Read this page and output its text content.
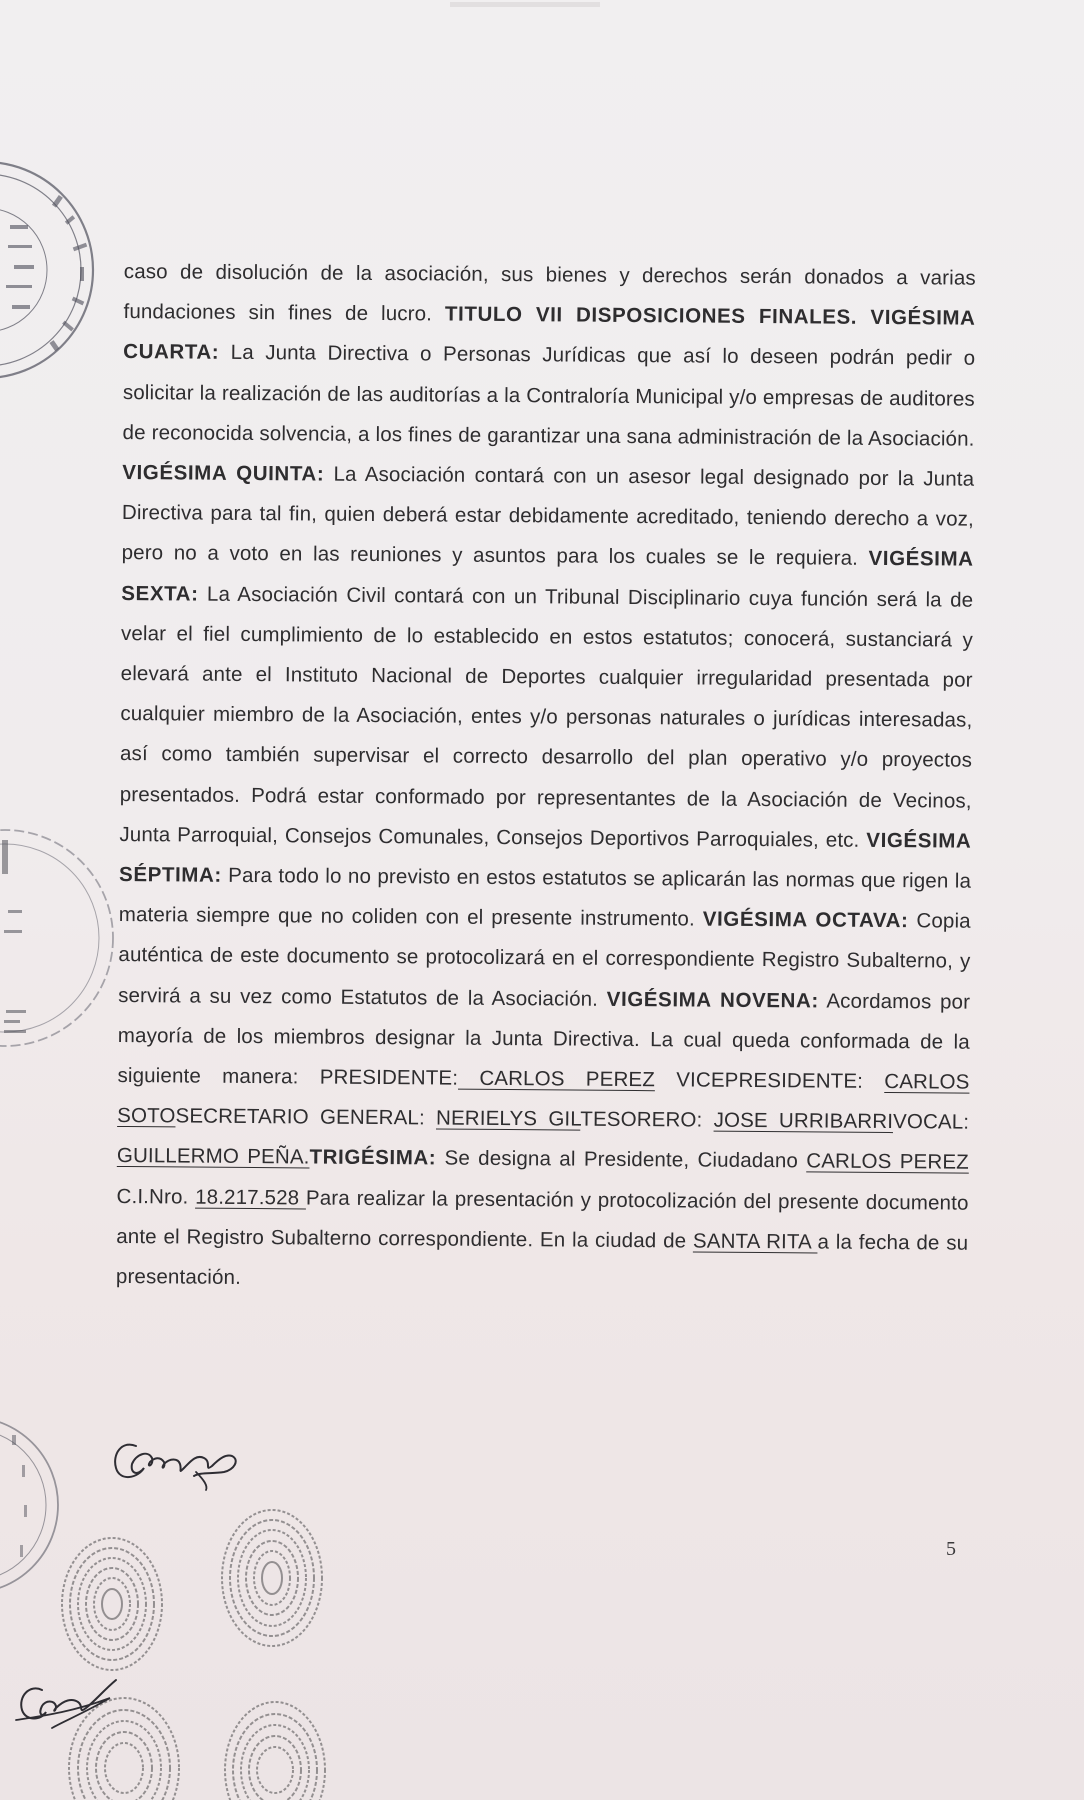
caso de disolución de la asociación, sus bienes y derechos serán donados a varias fundaciones sin fines de lucro. TITULO VII DISPOSICIONES FINALES. VIGÉSIMA CUARTA: La Junta Directiva o Personas Jurídicas que así lo deseen podrán pedir o solicitar la realización de las auditorías a la Contraloría Municipal y/o empresas de auditores de reconocida solvencia, a los fines de garantizar una sana administración de la Asociación. VIGÉSIMA QUINTA: La Asociación contará con un asesor legal designado por la Junta Directiva para tal fin, quien deberá estar debidamente acreditado, teniendo derecho a voz, pero no a voto en las reuniones y asuntos para los cuales se le requiera. VIGÉSIMA SEXTA: La Asociación Civil contará con un Tribunal Disciplinario cuya función será la de velar el fiel cumplimiento de lo establecido en estos estatutos; conocerá, sustanciará y elevará ante el Instituto Nacional de Deportes cualquier irregularidad presentada por cualquier miembro de la Asociación, entes y/o personas naturales o jurídicas interesadas, así como también supervisar el correcto desarrollo del plan operativo y/o proyectos presentados. Podrá estar conformado por representantes de la Asociación de Vecinos, Junta Parroquial, Consejos Comunales, Consejos Deportivos Parroquiales, etc. VIGÉSIMA SÉPTIMA: Para todo lo no previsto en estos estatutos se aplicarán las normas que rigen la materia siempre que no coliden con el presente instrumento. VIGÉSIMA OCTAVA: Copia auténtica de este documento se protocolizará en el correspondiente Registro Subalterno, y servirá a su vez como Estatutos de la Asociación. VIGÉSIMA NOVENA: Acordamos por mayoría de los miembros designar la Junta Directiva. La cual queda conformada de la siguiente manera: PRESIDENTE: CARLOS PEREZ VICEPRESIDENTE: CARLOS SOTOSECRETARIO GENERAL: NERIELYS GILTESORERO: JOSE URRIBARRIVOCAL: GUILLERMO PEÑA.TRIGÉSIMA: Se designa al Presidente, Ciudadano CARLOS PEREZ C.I.Nro. 18.217.528 Para realizar la presentación y protocolización del presente documento ante el Registro Subalterno correspondiente. En la ciudad de SANTA RITA a la fecha de su presentación.
5
